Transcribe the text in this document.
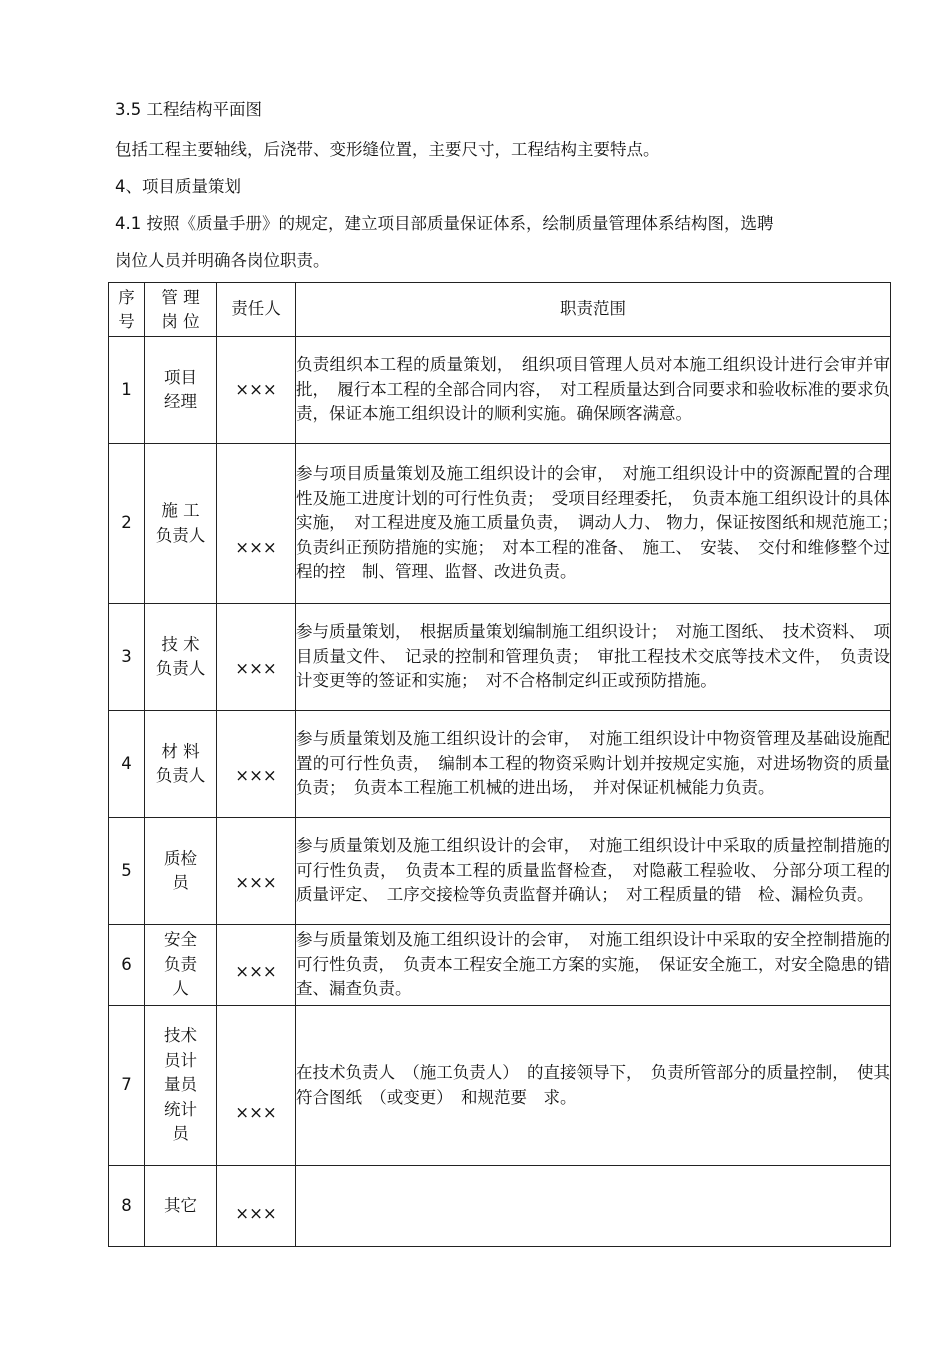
3.5 工程结构平面图
包括工程主要轴线，后浇带、变形缝位置，主要尺寸，工程结构主要特点。
4、项目质量策划
4.1 按照《质量手册》的规定，建立项目部质量保证体系，绘制质量管理体系结构图，选聘
岗位人员并明确各岗位职责。
序号	管 理岗 位	责任人	职责范围
1	项目经理	×××	负责组织本工程的质量策划，　组织项目管理人员对本施工组织设计进行会审并审批，　履行本工程的全部合同内容，　对工程质量达到合同要求和验收标准的要求负责，保证本施工组织设计的顺利实施。确保顾客满意。
2	施 工负责人	×××	参与项目质量策划及施工组织设计的会审，　对施工组织设计中的资源配置的合理性及施工进度计划的可行性负责；　受项目经理委托，　负责本施工组织设计的具体实施，　对工程进度及施工质量负责，　调动人力、 物力，保证按图纸和规范施工；　负责纠正预防措施的实施；　对本工程的准备、　施工、　安装、　交付和维修整个过程的控　制、管理、监督、改进负责。
3	技 术负责人	×××	参与质量策划，　根据质量策划编制施工组织设计；　对施工图纸、　技术资料、　项目质量文件、　记录的控制和管理负责；　审批工程技术交底等技术文件，　负责设计变更等的签证和实施；　对不合格制定纠正或预防措施。
4	材 料负责人	×××	参与质量策划及施工组织设计的会审，　对施工组织设计中物资管理及基础设施配置的可行性负责，　编制本工程的物资采购计划并按规定实施，对进场物资的质量负责；　负责本工程施工机械的进出场，　并对保证机械能力负责。
5	质检员	×××	参与质量策划及施工组织设计的会审，　对施工组织设计中采取的质量控制措施的可行性负责，　负责本工程的质量监督检查，　对隐蔽工程验收、 分部分项工程的质量评定、　工序交接检等负责监督并确认；　对工程质量的错　检、漏检负责。
6	安全负责人	×××	参与质量策划及施工组织设计的会审，　对施工组织设计中采取的安全控制措施的可行性负责，　负责本工程安全施工方案的实施，　保证安全施工，对安全隐患的错查、漏查负责。
7	技术员计量员统计员	×××	在技术负责人　（施工负责人）　的直接领导下，　负责所管部分的质量控制，　使其符合图纸　（或变更）　和规范要　求。
8	其它	×××	
